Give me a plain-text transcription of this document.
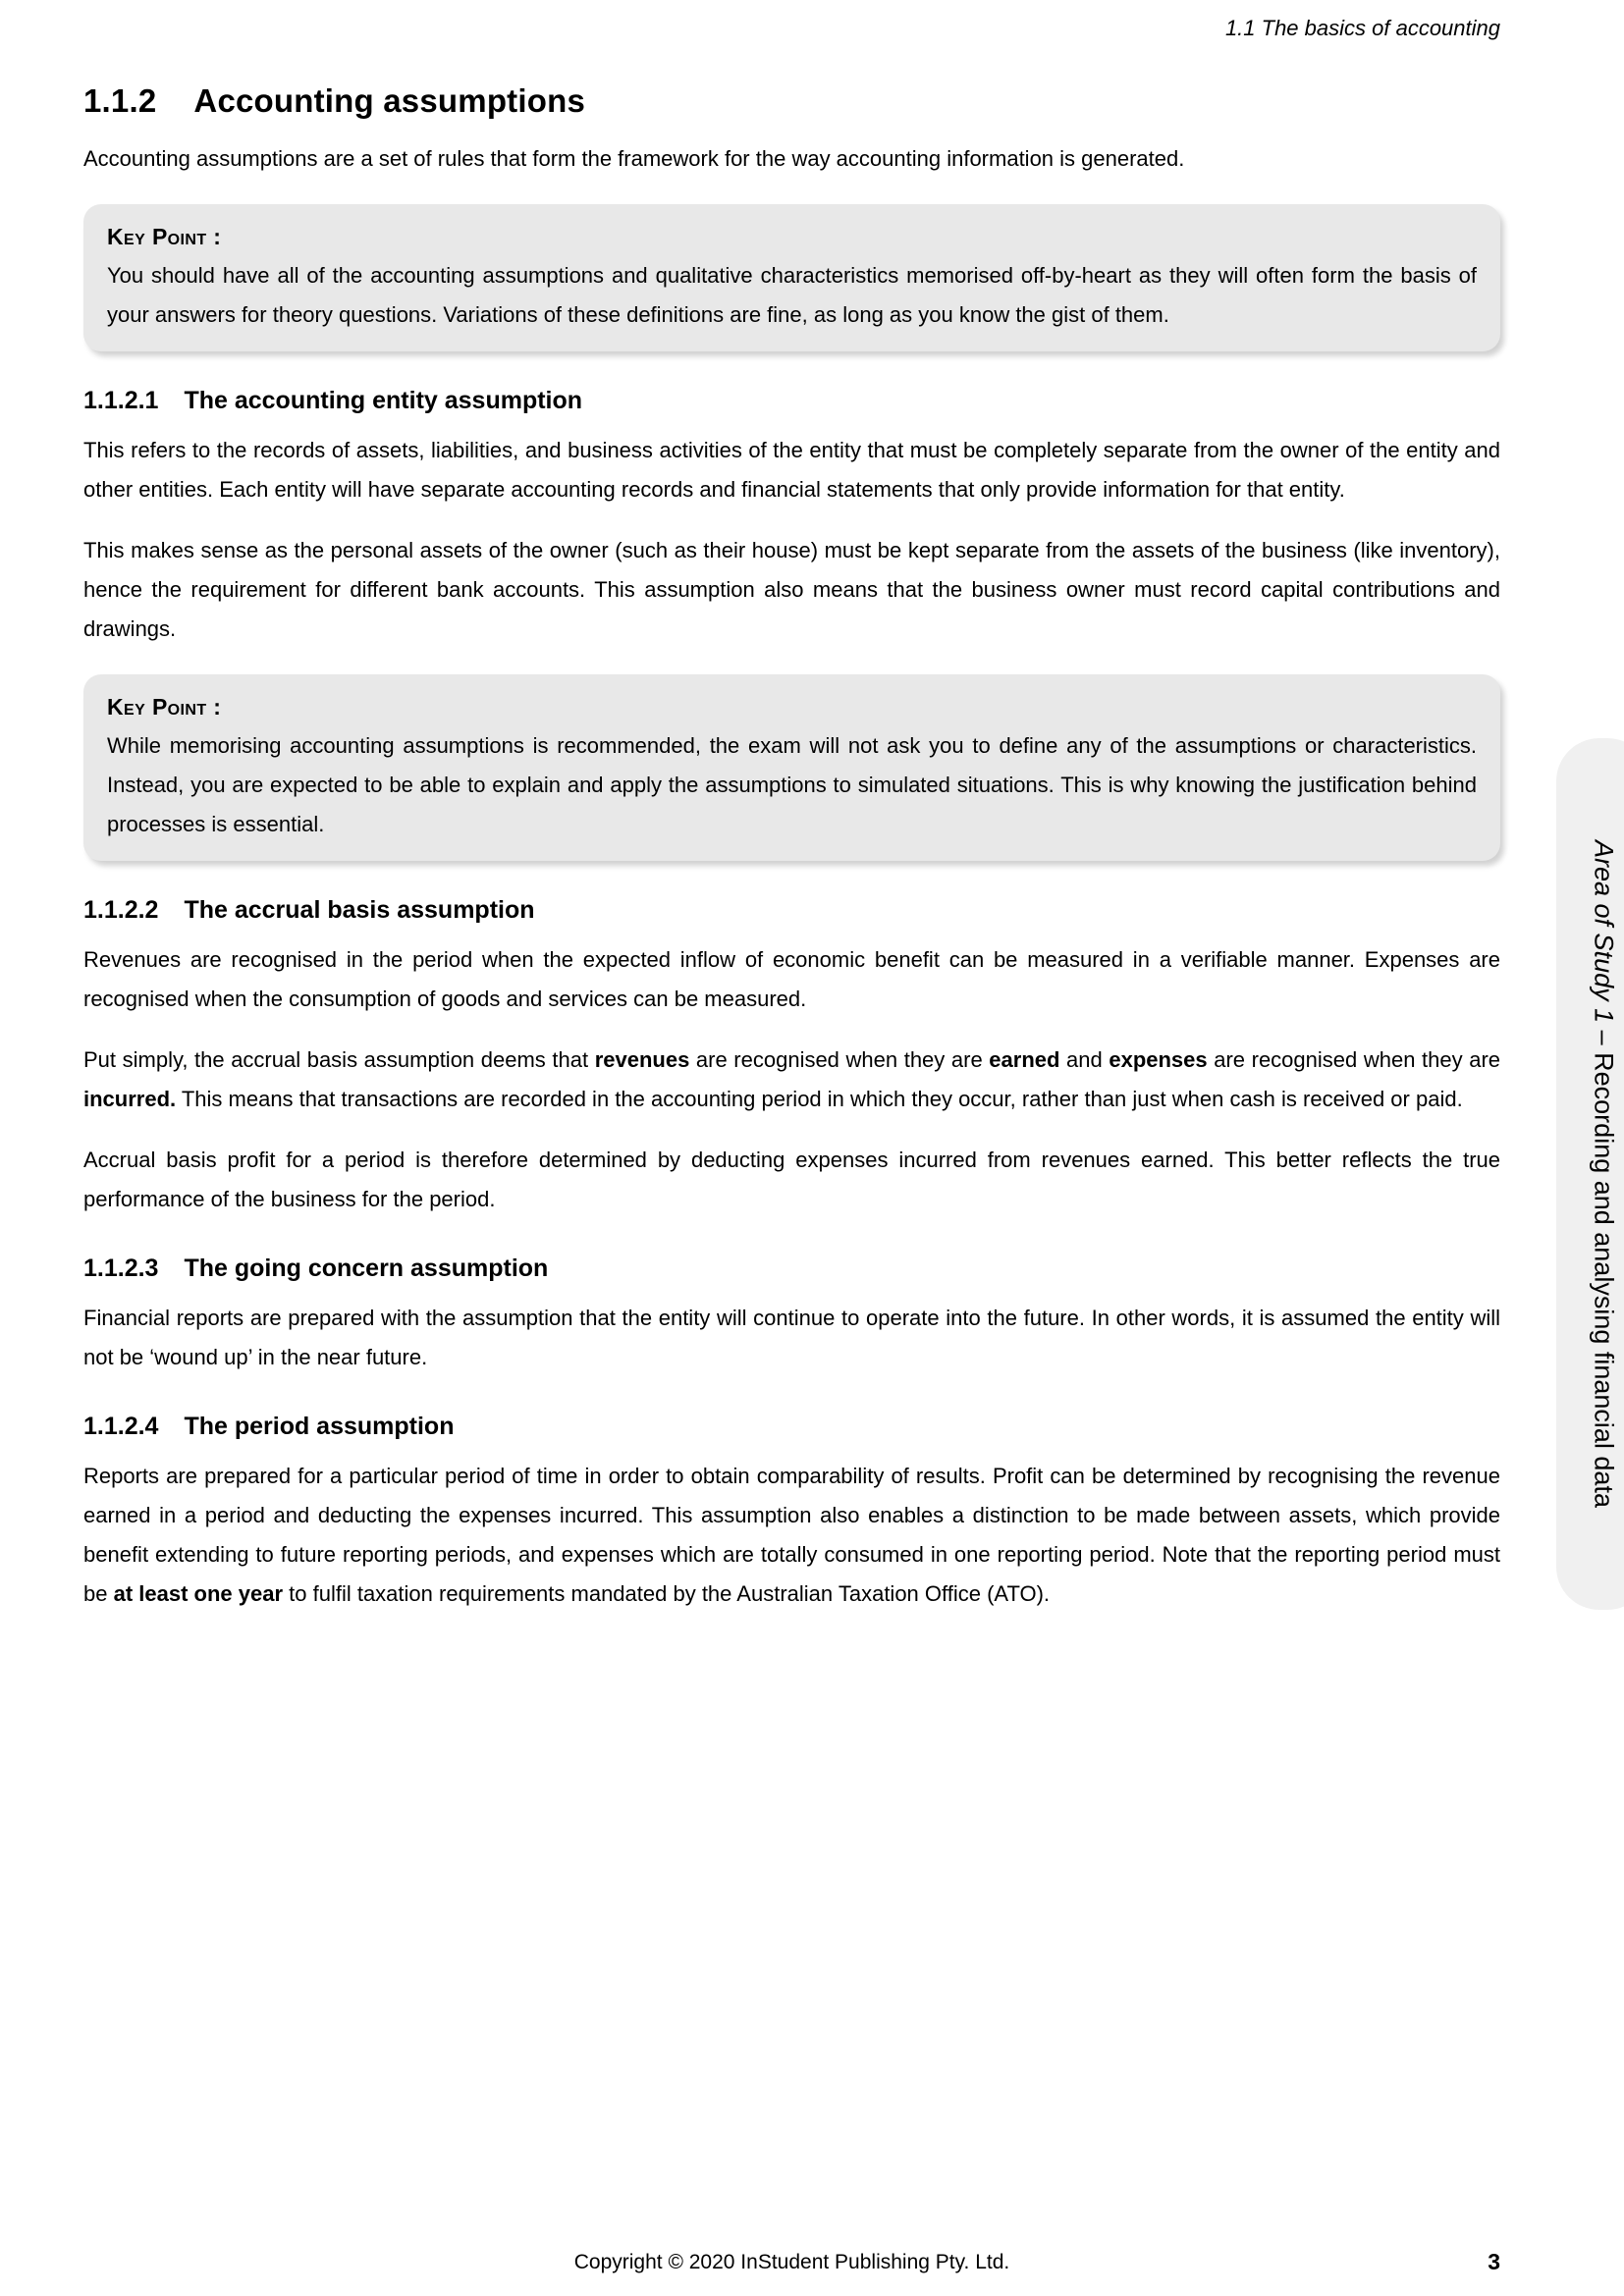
1.1 The basics of accounting
1.1.2 Accounting assumptions

Accounting assumptions are a set of rules that form the framework for the way accounting information is generated.

Key Point :
You should have all of the accounting assumptions and qualitative characteristics memorised off-by-heart as they will often form the basis of your answers for theory questions. Variations of these definitions are fine, as long as you know the gist of them.
1.1.2.1 The accounting entity assumption

This refers to the records of assets, liabilities, and business activities of the entity that must be completely separate from the owner of the entity and other entities. Each entity will have separate accounting records and financial statements that only provide information for that entity.

This makes sense as the personal assets of the owner (such as their house) must be kept separate from the assets of the business (like inventory), hence the requirement for different bank accounts. This assumption also means that the business owner must record capital contributions and drawings.

Key Point :
While memorising accounting assumptions is recommended, the exam will not ask you to define any of the assumptions or characteristics. Instead, you are expected to be able to explain and apply the assumptions to simulated situations. This is why knowing the justification behind processes is essential.
1.1.2.2 The accrual basis assumption

Revenues are recognised in the period when the expected inflow of economic benefit can be measured in a verifiable manner. Expenses are recognised when the consumption of goods and services can be measured.

Put simply, the accrual basis assumption deems that revenues are recognised when they are earned and expenses are recognised when they are incurred. This means that transactions are recorded in the accounting period in which they occur, rather than just when cash is received or paid.

Accrual basis profit for a period is therefore determined by deducting expenses incurred from revenues earned. This better reflects the true performance of the business for the period.

1.1.2.3 The going concern assumption

Financial reports are prepared with the assumption that the entity will continue to operate into the future. In other words, it is assumed the entity will not be ‘wound up’ in the near future.

1.1.2.4 The period assumption

Reports are prepared for a particular period of time in order to obtain comparability of results. Profit can be determined by recognising the revenue earned in a period and deducting the expenses incurred. This assumption also enables a distinction to be made between assets, which provide benefit extending to future reporting periods, and expenses which are totally consumed in one reporting period. Note that the reporting period must be at least one year to fulfil taxation requirements mandated by the Australian Taxation Office (ATO).

Area of Study 1 – Recording and analysing financial data
Copyright © 2020 InStudent Publishing Pty. Ltd.	3
